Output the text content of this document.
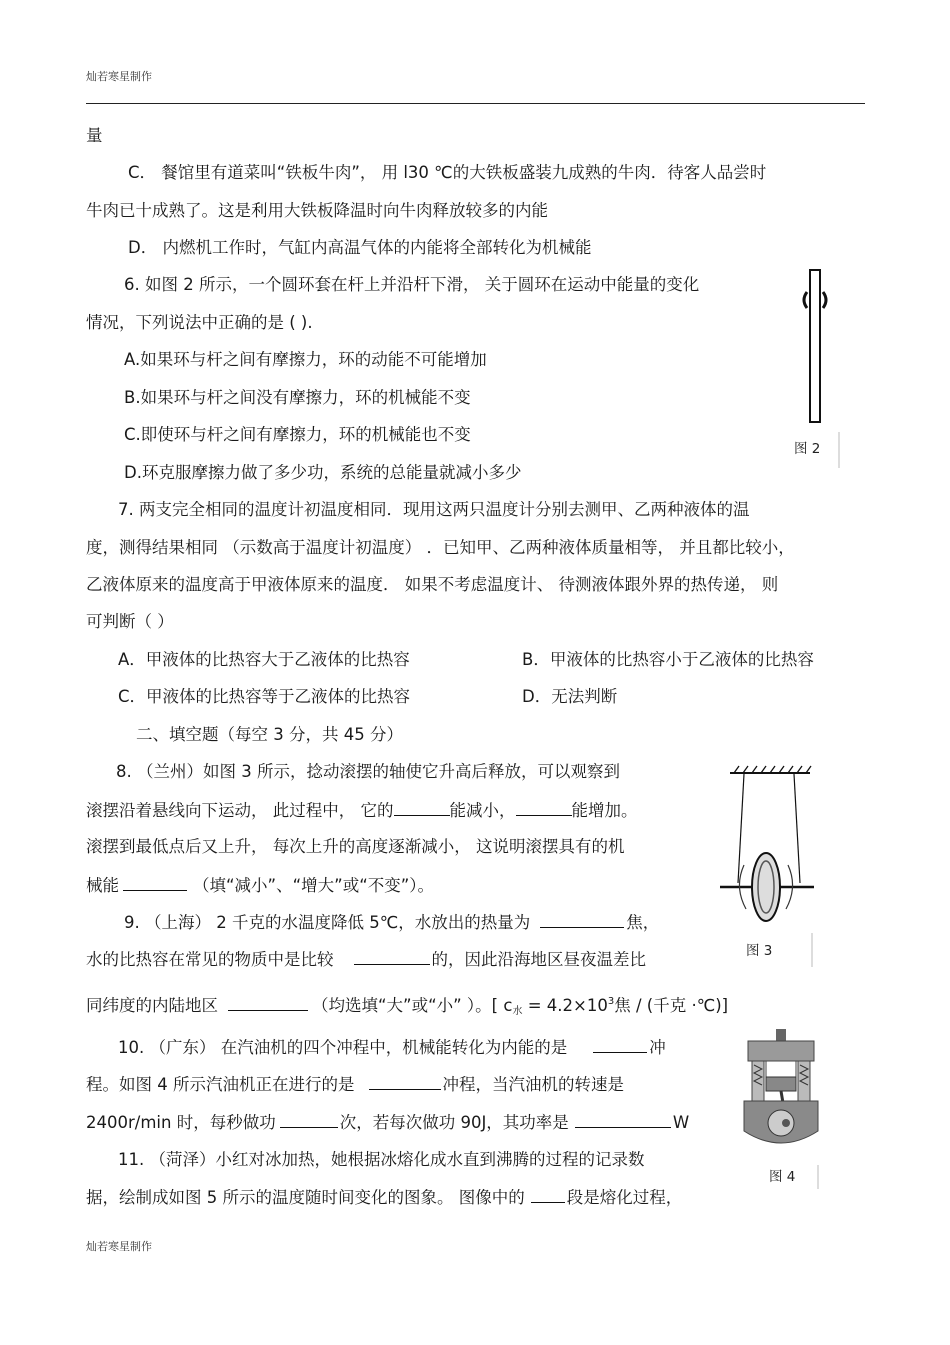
灿若寒星制作
量
C． 餐馆里有道菜叫“铁板牛肉”， 用 l30 ℃的大铁板盛装九成熟的牛肉．待客人品尝时
牛肉已十成熟了。这是利用大铁板降温时向牛肉释放较多的内能
D． 内燃机工作时，气缸内高温气体的内能将全部转化为机械能
6. 如图 2 所示，一个圆环套在杆上并沿杆下滑， 关于圆环在运动中能量的变化
情况，下列说法中正确的是 ( ).
A.如果环与杆之间有摩擦力，环的动能不可能增加
B.如果环与杆之间没有摩擦力，环的机械能不变
C.即使环与杆之间有摩擦力，环的机械能也不变
D.环克服摩擦力做了多少功，系统的总能量就减小多少
图 2
7. 两支完全相同的温度计初温度相同．现用这两只温度计分别去测甲、乙两种液体的温
度，测得结果相同 （示数高于温度计初温度） ．已知甲、乙两种液体质量相等， 并且都比较小，
乙液体原来的温度高于甲液体原来的温度． 如果不考虑温度计、 待测液体跟外界的热传递， 则
可判断（ ）
A．甲液体的比热容大于乙液体的比热容	B．甲液体的比热容小于乙液体的比热容
C．甲液体的比热容等于乙液体的比热容	D．无法判断
二、填空题（每空 3 分，共 45 分）
8. （兰州）如图 3 所示，捻动滚摆的轴使它升高后释放，可以观察到
滚摆沿着悬线向下运动， 此过程中， 它的	能减小，	能增加。
滚摆到最低点后又上升， 每次上升的高度逐渐减小， 这说明滚摆具有的机
械能	（填“减小”、“增大”或“不变”）。
图 3
9. （上海） 2 千克的水温度降低 5℃，水放出的热量为	焦，
水的比热容在常见的物质中是比较	的，因此沿海地区昼夜温差比
同纬度的内陆地区	（均选填“大”或“小” ）。[ $c_水 = 4.2\times 10^3$焦 / (千克 ·℃)]
10. （广东） 在汽油机的四个冲程中，机械能转化为内能的是	冲
程。如图 4 所示汽油机正在进行的是	冲程，当汽油机的转速是
2400r/min 时，每秒做功	次，若每次做功 90J，其功率是	W
图 4
11. （菏泽）小红对冰加热，她根据冰熔化成水直到沸腾的过程的记录数
据，绘制成如图 5 所示的温度随时间变化的图象。 图像中的	段是熔化过程，
灿若寒星制作
